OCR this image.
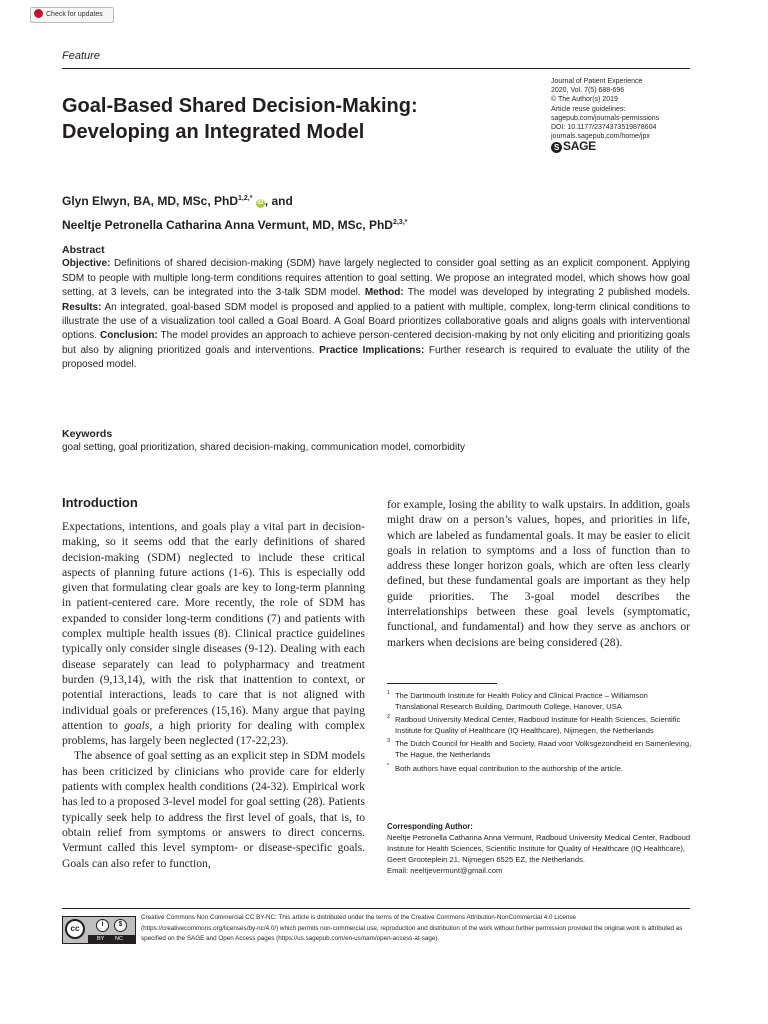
Check for updates
Feature
Journal of Patient Experience
2020, Vol. 7(5) 688-696
© The Author(s) 2019
Article reuse guidelines:
sagepub.com/journals-permissions
DOI: 10.1177/2374373519878604
journals.sagepub.com/home/jpx
S SAGE
Goal-Based Shared Decision-Making:
Developing an Integrated Model
Glyn Elwyn, BA, MD, MSc, PhD$^{1,2,*}$ iD , and
Neeltje Petronella Catharina Anna Vermunt, MD, MSc, PhD$^{2,3,*}$
Abstract

Objective: Definitions of shared decision-making (SDM) have largely neglected to consider goal setting as an explicit component. Applying SDM to people with multiple long-term conditions requires attention to goal setting. We propose an integrated model, which shows how goal setting, at 3 levels, can be integrated into the 3-talk SDM model. Method: The model was developed by integrating 2 published models. Results: An integrated, goal-based SDM model is proposed and applied to a patient with multiple, complex, long-term clinical conditions to illustrate the use of a visualization tool called a Goal Board. A Goal Board prioritizes collaborative goals and aligns goals with interventional options. Conclusion: The model provides an approach to achieve person-centered decision-making by not only eliciting and prioritizing goals but also by aligning prioritized goals and interventions. Practice Implications: Further research is required to evaluate the utility of the proposed model.

Keywords

goal setting, goal prioritization, shared decision-making, communication model, comorbidity

Introduction

Expectations, intentions, and goals play a vital part in decision-making, so it seems odd that the early definitions of shared decision-making (SDM) neglected to include these critical aspects of planning future actions (1-6). This is especially odd given that formulating clear goals are key to long-term planning in patient-centered care. More recently, the role of SDM has expanded to consider long-term conditions (7) and patients with complex multiple health issues (8). Clinical practice guidelines typically only consider single diseases (9-12). Dealing with each disease separately can lead to polypharmacy and treatment burden (9,13,14), with the risk that inattention to context, or potential interactions, leads to care that is not aligned with individual goals or preferences (15,16). Many argue that paying attention to goals, a high priority for dealing with complex problems, has largely been neglected (17-22,23).

The absence of goal setting as an explicit step in SDM models has been criticized by clinicians who provide care for elderly patients with complex health conditions (24-32). Empirical work has led to a proposed 3-level model for goal setting (28). Patients typically seek help to address the first level of goals, that is, to obtain relief from symptoms or answers to direct concerns. Vermunt called this level symptom- or disease-specific goals. Goals can also refer to function,

for example, losing the ability to walk upstairs. In addition, goals might draw on a person’s values, hopes, and priorities in life, which are labeled as fundamental goals. It may be easier to elicit goals in relation to symptoms and a loss of function than to address these longer horizon goals, which are often less clearly defined, but these fundamental goals are important as they help guide priorities. The 3-goal model describes the interrelationships between these goal levels (symptomatic, functional, and fundamental) and how they serve as anchors or markers when decisions are being considered (28).

1 The Dartmouth Institute for Health Policy and Clinical Practice – Williamson Translational Research Building, Dartmouth College, Hanover, USA
2 Radboud University Medical Center, Radboud Institute for Health Sciences, Scientific Institute for Quality of Healthcare (IQ Healthcare), Nijmegen, the Netherlands
3 The Dutch Council for Health and Society, Raad voor Volksgezondheid en Samenleving, The Hague, the Netherlands
* Both authors have equal contribution to the authorship of the article.
Corresponding Author:

Neeltje Petronella Catharina Anna Vermunt, Radboud University Medical Center, Radboud Institute for Health Sciences, Scientific Institute for Quality of Healthcare (IQ Healthcare), Geert Grooteplein 21, Nijmegen 6525 EZ, the Netherlands.

Email: neeltjevermunt@gmail.com

cc	i	$
BY NC
Creative Commons Non Commercial CC BY-NC: This article is distributed under the terms of the Creative Commons Attribution-NonCommercial 4.0 License (https://creativecommons.org/licenses/by-nc/4.0/) which permits non-commercial use, reproduction and distribution of the work without further permission provided the original work is attributed as specified on the SAGE and Open Access pages (https://us.sagepub.com/en-us/nam/open-access-at-sage).
